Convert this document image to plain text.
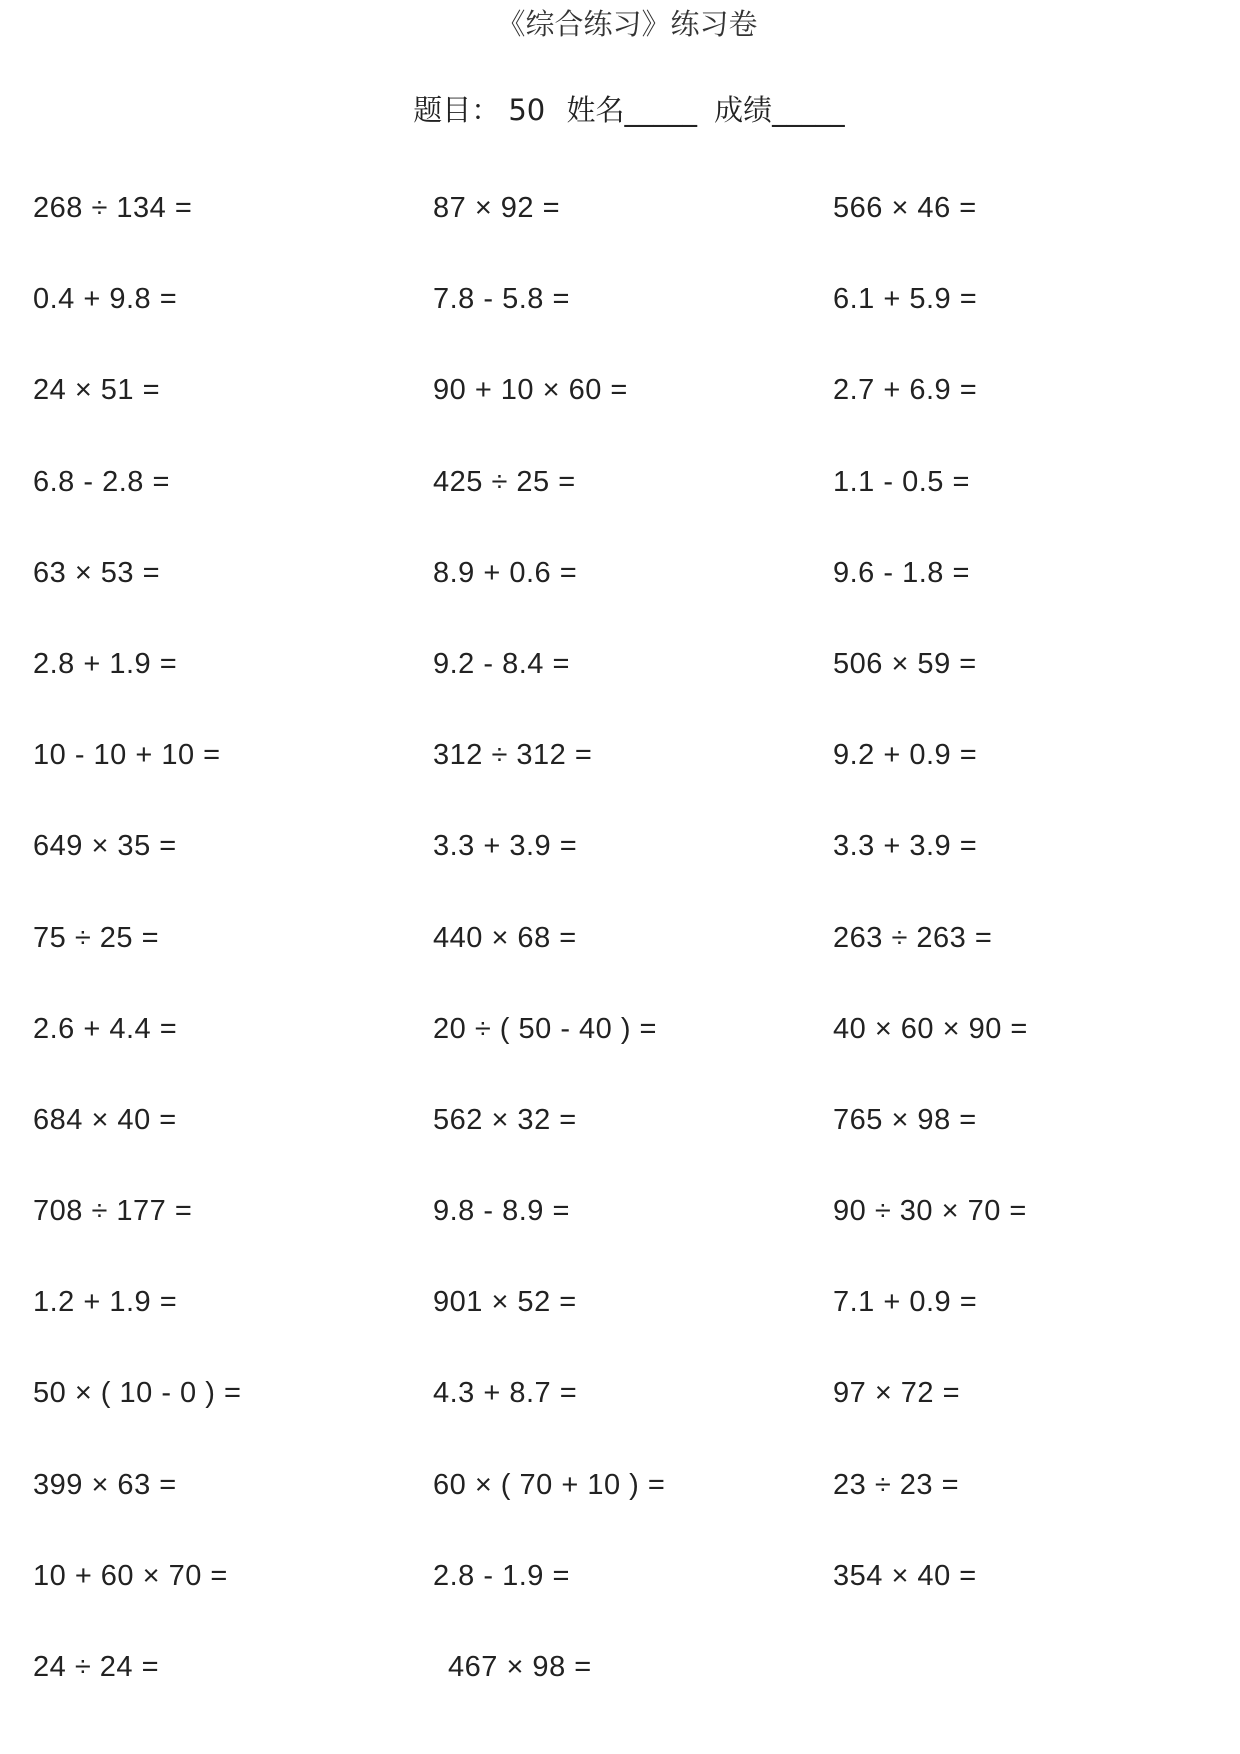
《综合练习》练习卷
题目： 50 姓名_____ 成绩_____
268 ÷ 134 =	87 × 92 =	566 × 46 =
0.4 + 9.8 =	7.8 - 5.8 =	6.1 + 5.9 =
24 × 51 =	90 + 10 × 60 =	2.7 + 6.9 =
6.8 - 2.8 =	425 ÷ 25 =	1.1 - 0.5 =
63 × 53 =	8.9 + 0.6 =	9.6 - 1.8 =
2.8 + 1.9 =	9.2 - 8.4 =	506 × 59 =
10 - 10 + 10 =	312 ÷ 312 =	9.2 + 0.9 =
649 × 35 =	3.3 + 3.9 =	3.3 + 3.9 =
75 ÷ 25 =	440 × 68 =	263 ÷ 263 =
2.6 + 4.4 =	20 ÷ ( 50 - 40 ) =	40 × 60 × 90 =
684 × 40 =	562 × 32 =	765 × 98 =
708 ÷ 177 =	9.8 - 8.9 =	90 ÷ 30 × 70 =
1.2 + 1.9 =	901 × 52 =	7.1 + 0.9 =
50 × ( 10 - 0 ) =	4.3 + 8.7 =	97 × 72 =
399 × 63 =	60 × ( 70 + 10 ) =	23 ÷ 23 =
10 + 60 × 70 =	2.8 - 1.9 =	354 × 40 =
24 ÷ 24 =	467 × 98 =
